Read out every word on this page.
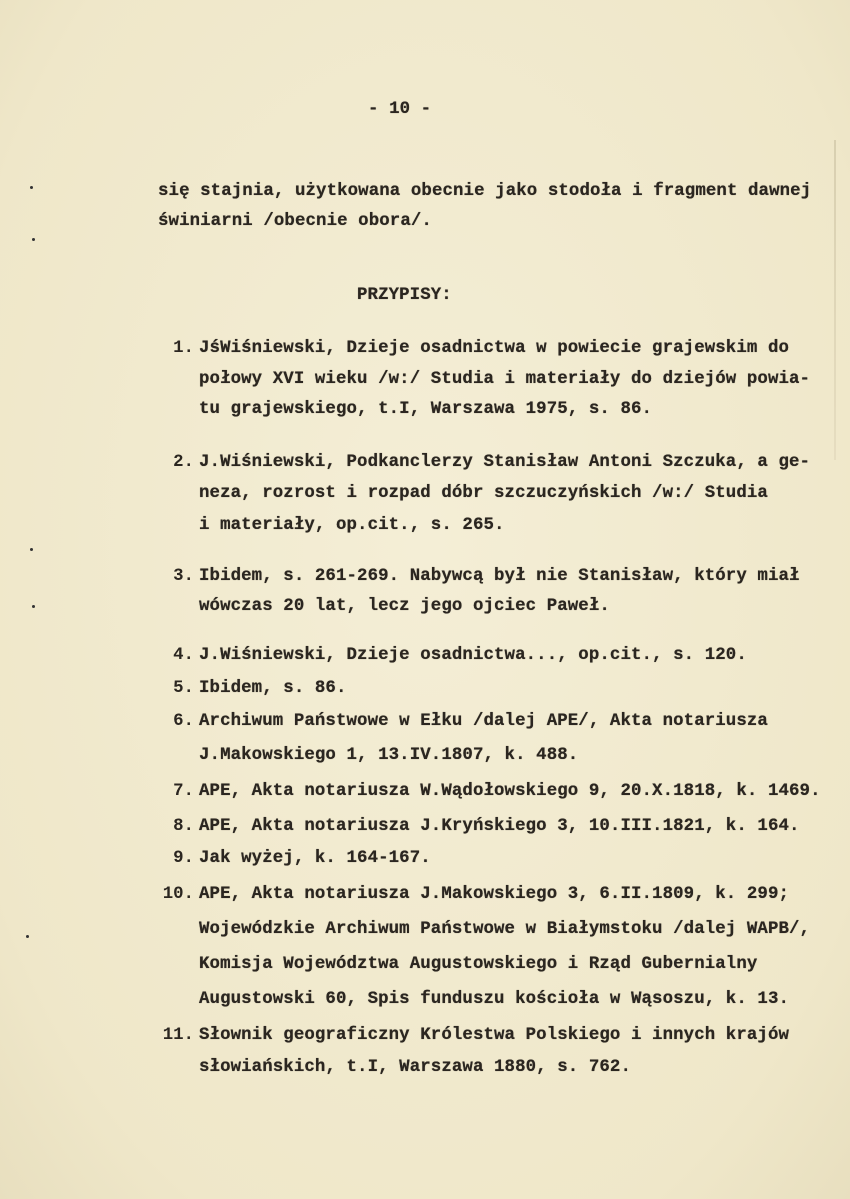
- 10 -
się stajnia, użytkowana obecnie jako stodoła i fragment dawnej
świniarni /obecnie obora/.
PRZYPISY:
1. JśWiśniewski, Dzieje osadnictwa w powiecie grajewskim do
połowy XVI wieku /w:/ Studia i materiały do dziejów powia-
tu grajewskiego, t.I, Warszawa 1975, s. 86.
2. J.Wiśniewski, Podkanclerzy Stanisław Antoni Szczuka, a ge-
neza, rozrost i rozpad dóbr szczuczyńskich /w:/ Studia
i materiały, op.cit., s. 265.
3. Ibidem, s. 261-269. Nabywcą był nie Stanisław, który miał
wówczas 20 lat, lecz jego ojciec Paweł.
4. J.Wiśniewski, Dzieje osadnictwa..., op.cit., s. 120.
5. Ibidem, s. 86.
6. Archiwum Państwowe w Ełku /dalej APE/, Akta notariusza
J.Makowskiego 1, 13.IV.1807, k. 488.
7. APE, Akta notariusza W.Wądołowskiego 9, 20.X.1818, k. 1469.
8. APE, Akta notariusza J.Kryńskiego 3, 10.III.1821, k. 164.
9. Jak wyżej, k. 164-167.
10. APE, Akta notariusza J.Makowskiego 3, 6.II.1809, k. 299;
Wojewódzkie Archiwum Państwowe w Białymstoku /dalej WAPB/,
Komisja Województwa Augustowskiego i Rząd Gubernialny
Augustowski 60, Spis funduszu kościoła w Wąsoszu, k. 13.
11. Słownik geograficzny Królestwa Polskiego i innych krajów
słowiańskich, t.I, Warszawa 1880, s. 762.
